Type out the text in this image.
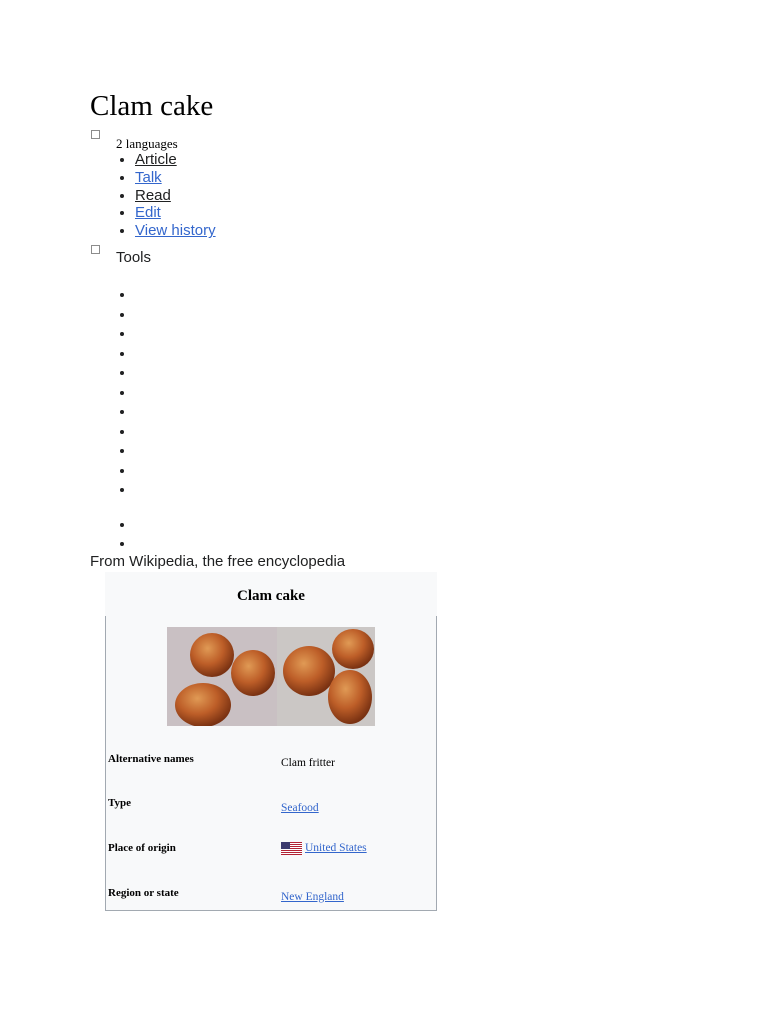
Clam cake
2 languages
• Article
• Talk
• Read
• Edit
• View history
Tools
From Wikipedia, the free encyclopedia
Clam cake
Alternative names	Clam fritter
Type	Seafood
Place of origin	United States
Region or state	New England
